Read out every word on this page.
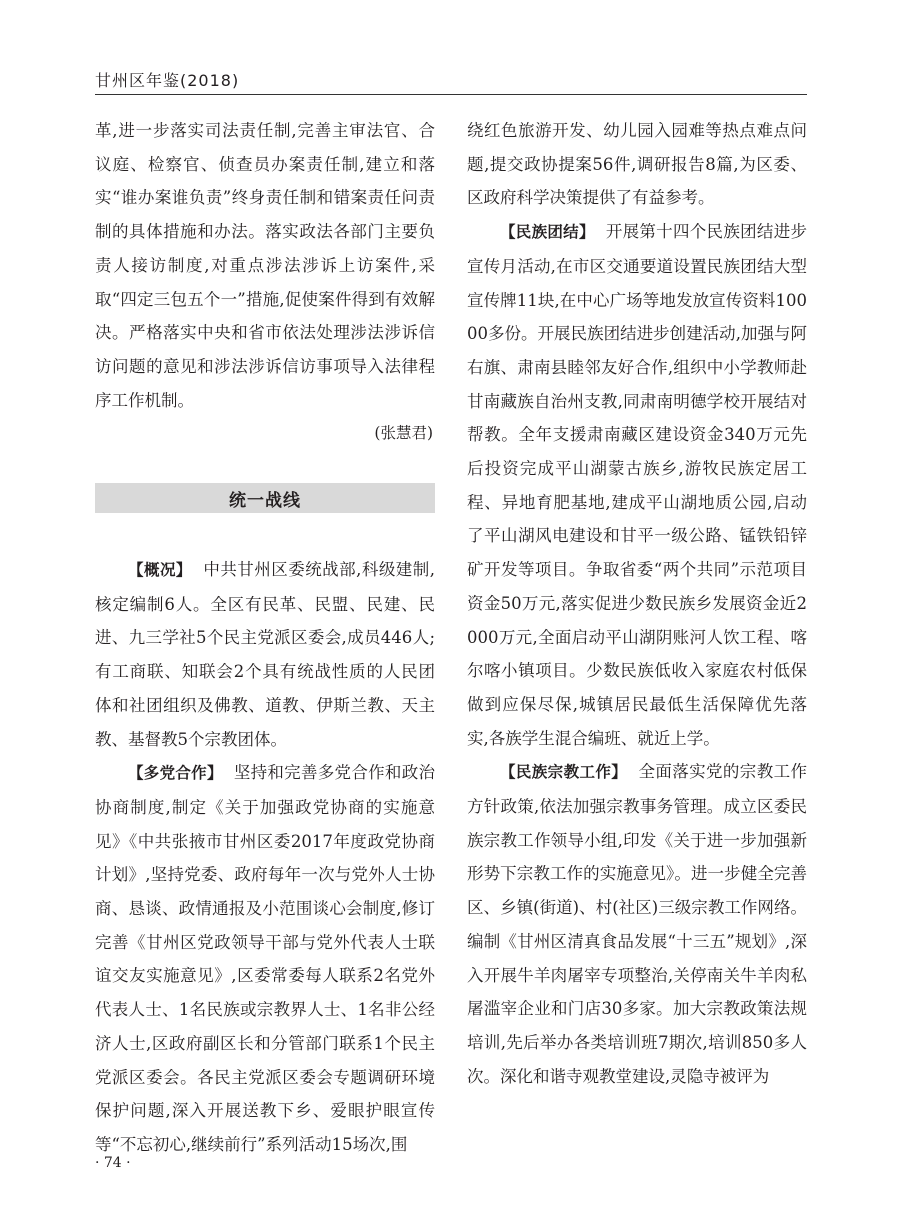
甘州区年鉴(2018)

革,进一步落实司法责任制,完善主审法官、合议庭、检察官、侦查员办案责任制,建立和落实“谁办案谁负责”终身责任制和错案责任问责制的具体措施和办法。落实政法各部门主要负责人接访制度,对重点涉法涉诉上访案件,采取“四定三包五个一”措施,促使案件得到有效解决。严格落实中央和省市依法处理涉法涉诉信访问题的意见和涉法涉诉信访事项导入法律程序工作机制。

(张慧君)
统一战线

【概况】 中共甘州区委统战部,科级建制,核定编制6人。全区有民革、民盟、民建、民进、九三学社5个民主党派区委会,成员446人;有工商联、知联会2个具有统战性质的人民团体和社团组织及佛教、道教、伊斯兰教、天主教、基督教5个宗教团体。

【多党合作】 坚持和完善多党合作和政治协商制度,制定《关于加强政党协商的实施意见》《中共张掖市甘州区委2017年度政党协商计划》,坚持党委、政府每年一次与党外人士协商、恳谈、政情通报及小范围谈心会制度,修订完善《甘州区党政领导干部与党外代表人士联谊交友实施意见》,区委常委每人联系2名党外代表人士、1名民族或宗教界人士、1名非公经济人士,区政府副区长和分管部门联系1个民主党派区委会。各民主党派区委会专题调研环境保护问题,深入开展送教下乡、爱眼护眼宣传等“不忘初心,继续前行”系列活动15场次,围

绕红色旅游开发、幼儿园入园难等热点难点问题,提交政协提案56件,调研报告8篇,为区委、区政府科学决策提供了有益参考。

【民族团结】 开展第十四个民族团结进步宣传月活动,在市区交通要道设置民族团结大型宣传牌11块,在中心广场等地发放宣传资料10000多份。开展民族团结进步创建活动,加强与阿右旗、肃南县睦邻友好合作,组织中小学教师赴甘南藏族自治州支教,同肃南明德学校开展结对帮教。全年支援肃南藏区建设资金340万元先后投资完成平山湖蒙古族乡,游牧民族定居工程、异地育肥基地,建成平山湖地质公园,启动了平山湖风电建设和甘平一级公路、锰铁铅锌矿开发等项目。争取省委“两个共同”示范项目资金50万元,落实促进少数民族乡发展资金近2000万元,全面启动平山湖阴账河人饮工程、喀尔喀小镇项目。少数民族低收入家庭农村低保做到应保尽保,城镇居民最低生活保障优先落实,各族学生混合编班、就近上学。

【民族宗教工作】 全面落实党的宗教工作方针政策,依法加强宗教事务管理。成立区委民族宗教工作领导小组,印发《关于进一步加强新形势下宗教工作的实施意见》。进一步健全完善区、乡镇(街道)、村(社区)三级宗教工作网络。编制《甘州区清真食品发展“十三五”规划》,深入开展牛羊肉屠宰专项整治,关停南关牛羊肉私屠滥宰企业和门店30多家。加大宗教政策法规培训,先后举办各类培训班7期次,培训850多人次。深化和谐寺观教堂建设,灵隐寺被评为

· 74 ·
